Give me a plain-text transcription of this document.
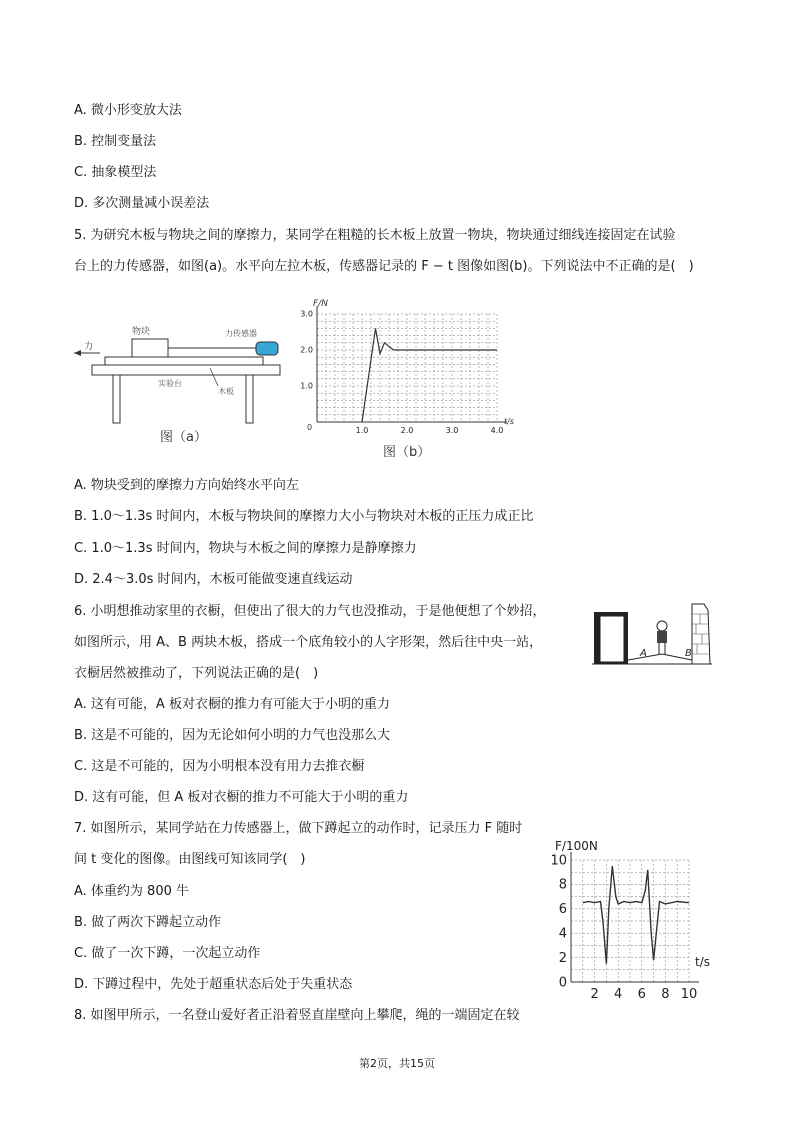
A. 微小形变放大法
B. 控制变量法
C. 抽象模型法
D. 多次测量减小误差法
5. 为研究木板与物块之间的摩擦力，某同学在粗糙的长木板上放置一物块，物块通过细线连接固定在试验
台上的力传感器，如图(a)。水平向左拉木板，传感器记录的 F − t 图像如图(b)。下列说法中不正确的是(　)
力
物块	力传感器
实验台
木板
图（a）	1.0	2.0	3.0	4.0
1.0
2.0
3.0
F/N
t/s
0
图（b）
A. 物块受到的摩擦力方向始终水平向左
B. 1.0～1.3s 时间内，木板与物块间的摩擦力大小与物块对木板的正压力成正比
C. 1.0～1.3s 时间内，物块与木板之间的摩擦力是静摩擦力
D. 2.4～3.0s 时间内，木板可能做变速直线运动
6. 小明想推动家里的衣橱，但使出了很大的力气也没推动，于是他便想了个妙招，
如图所示，用 A、B 两块木板，搭成一个底角较小的人字形架，然后往中央一站，
衣橱居然被推动了，下列说法正确的是(　)
A	B
A. 这有可能，A 板对衣橱的推力有可能大于小明的重力
B. 这是不可能的，因为无论如何小明的力气也没那么大
C. 这是不可能的，因为小明根本没有用力去推衣橱
D. 这有可能，但 A 板对衣橱的推力不可能大于小明的重力
7. 如图所示，某同学站在力传感器上，做下蹲起立的动作时，记录压力 F 随时
间 t 变化的图像。由图线可知该同学(　)
2 4 6 8 10
0
2
4
6
8
10
F/100N
t/s
A. 体重约为 800 牛
B. 做了两次下蹲起立动作
C. 做了一次下蹲，一次起立动作
D. 下蹲过程中，先处于超重状态后处于失重状态
8. 如图甲所示，一名登山爱好者正沿着竖直崖壁向上攀爬，绳的一端固定在较
第2页，共15页
